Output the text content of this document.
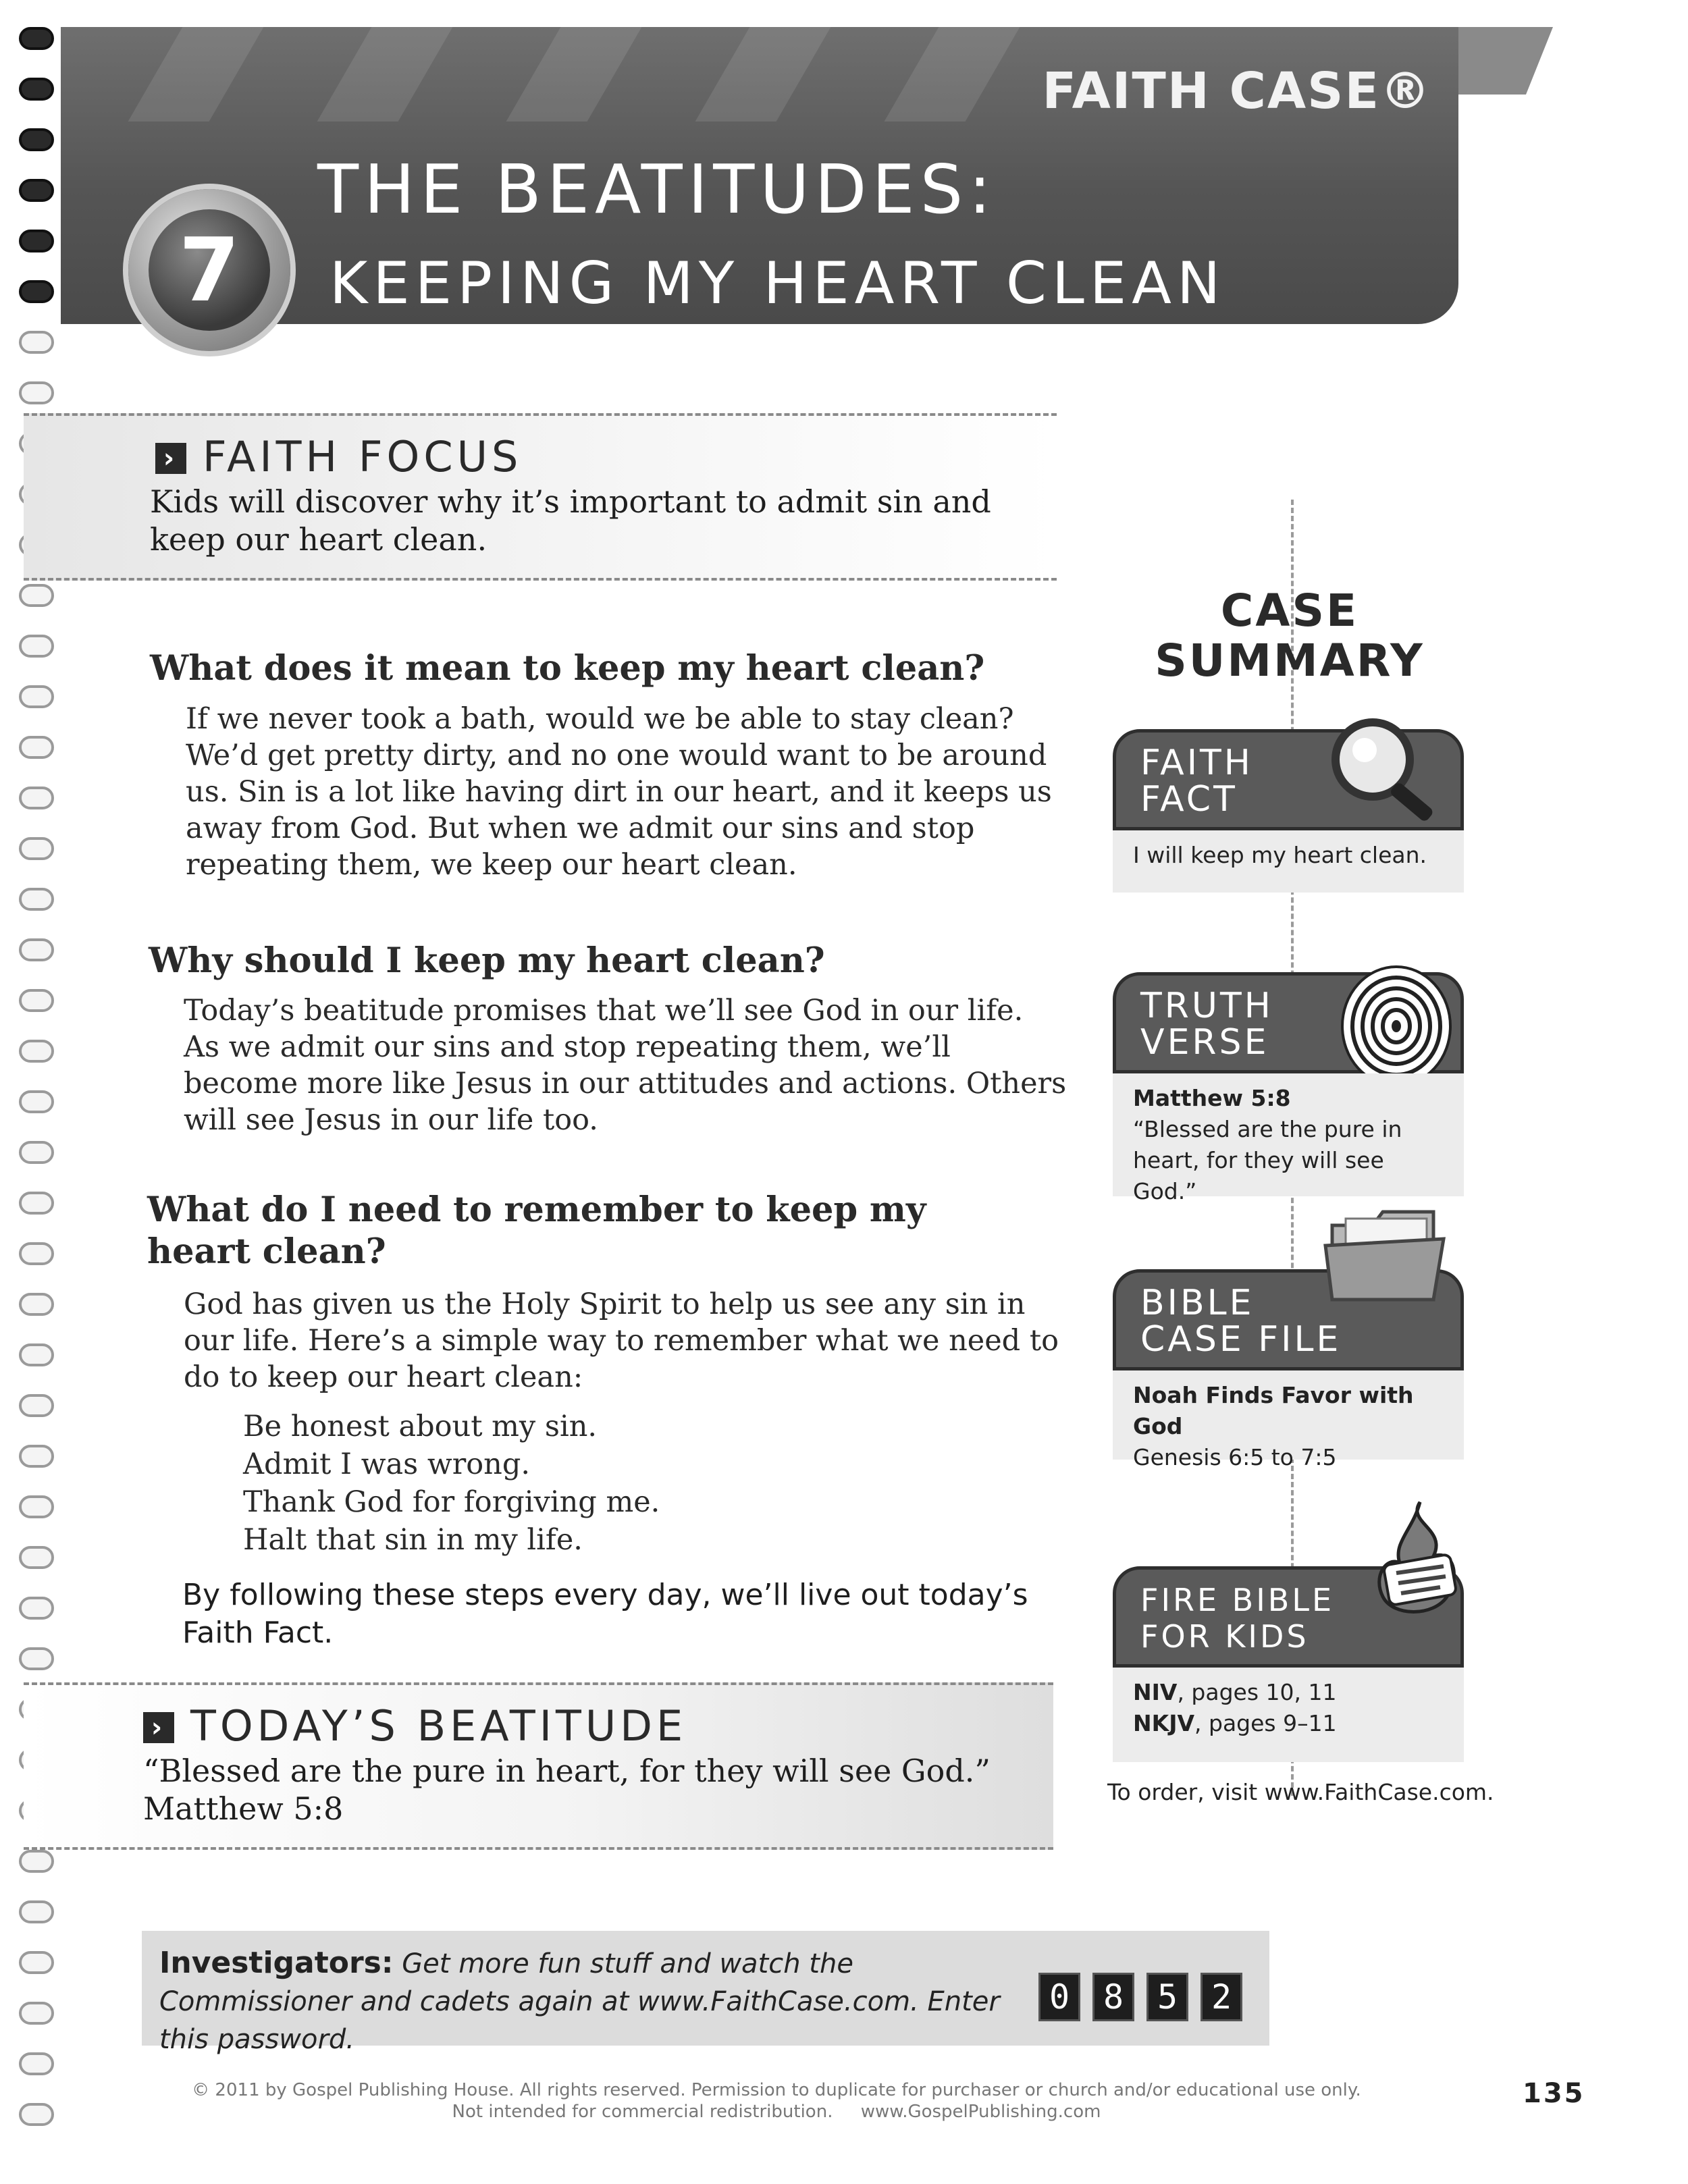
FAITH CASE®
THE BEATITUDES:
KEEPING MY HEART CLEAN
7
› FAITH FOCUS
Kids will discover why it’s important to admit sin and keep our heart clean.
What does it mean to keep my heart clean?
If we never took a bath, would we be able to stay clean? We’d get pretty dirty, and no one would want to be around us. Sin is a lot like having dirt in our heart, and it keeps us away from God. But when we admit our sins and stop repeating them, we keep our heart clean.
Why should I keep my heart clean?
Today’s beatitude promises that we’ll see God in our life. As we admit our sins and stop repeating them, we’ll become more like Jesus in our attitudes and actions. Others will see Jesus in our life too.
What do I need to remember to keep my heart clean?
God has given us the Holy Spirit to help us see any sin in our life. Here’s a simple way to remember what we need to do to keep our heart clean:
Be honest about my sin.
Admit I was wrong.
Thank God for forgiving me.
Halt that sin in my life.
By following these steps every day, we’ll live out today’s Faith Fact.
› TODAY’S BEATITUDE
“Blessed are the pure in heart, for they will see God.”
Matthew 5:8
CASE
SUMMARY
FAITH
FACT
I will keep my heart clean.
TRUTH
VERSE
Matthew 5:8
“Blessed are the pure in heart, for they will see God.”
BIBLE
CASE FILE
Noah Finds Favor with God
Genesis 6:5 to 7:5
FIRE BIBLE
FOR KIDS
NIV, pages 10, 11
NKJV, pages 9–11
To order, visit www.FaithCase.com.
Investigators: Get more fun stuff and watch the Commissioner and cadets again at www.FaithCase.com. Enter this password.
0 8 5 2
© 2011 by Gospel Publishing House. All rights reserved. Permission to duplicate for purchaser or church and/or educational use only.
Not intended for commercial redistribution.     www.GospelPublishing.com
135
